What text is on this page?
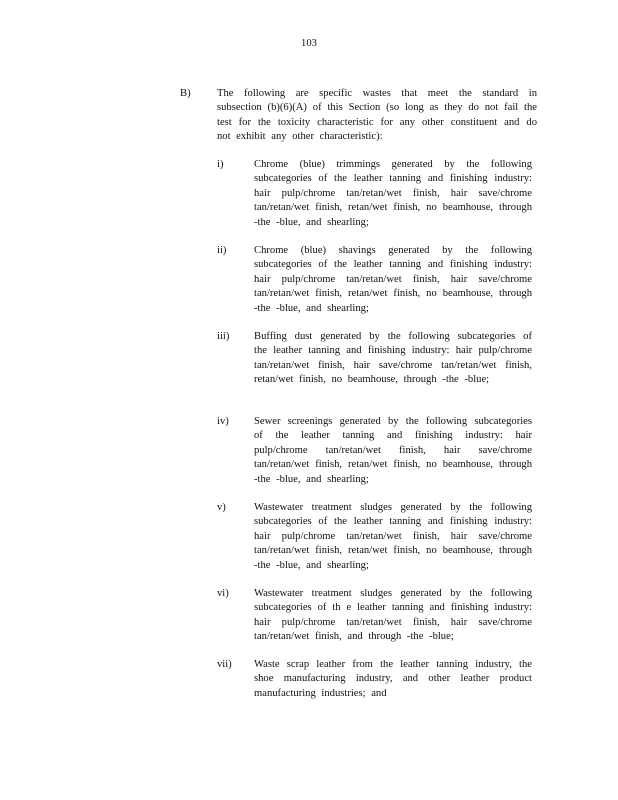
103
B) The following are specific wastes that meet the standard in subsection (b)(6)(A) of this Section (so long as they do not fail the test for the toxicity characteristic for any other constituent and do not exhibit any other characteristic):
i)	Chrome (blue) trimmings generated by the following subcategories of the leather tanning and finishing industry: hair pulp/chrome tan/retan/wet finish, hair save/chrome tan/retan/wet finish, retan/wet finish, no beamhouse, through -the -blue, and shearling;
ii)	Chrome (blue) shavings generated by the following subcategories of the leather tanning and finishing industry: hair pulp/chrome tan/retan/wet finish, hair save/chrome tan/retan/wet finish, retan/wet finish, no beamhouse, through -the -blue, and shearling;
iii) Buffing dust generated by the following subcategories of the leather tanning and finishing industry: hair pulp/chrome tan/retan/wet finish, hair save/chrome tan/retan/wet finish, retan/wet finish, no beamhouse, through -the -blue;
iv) Sewer screenings generated by the following subcategories of the leather tanning and finishing industry: hair pulp/chrome tan/retan/wet finish, hair save/chrome tan/retan/wet finish, retan/wet finish, no beamhouse, through -the -blue, and shearling;
v)	Wastewater treatment sludges generated by the following subcategories of the leather tanning and finishing industry: hair pulp/chrome tan/retan/wet finish, hair save/chrome tan/retan/wet finish, retan/wet finish, no beamhouse, through -the -blue, and shearling;
vi) Wastewater treatment sludges generated by the following subcategories of th e leather tanning and finishing industry: hair pulp/chrome tan/retan/wet finish, hair save/chrome tan/retan/wet finish, and through -the -blue;
vii) Waste scrap leather from the leather tanning industry, the shoe manufacturing industry, and other leather product manufacturing industries; and
